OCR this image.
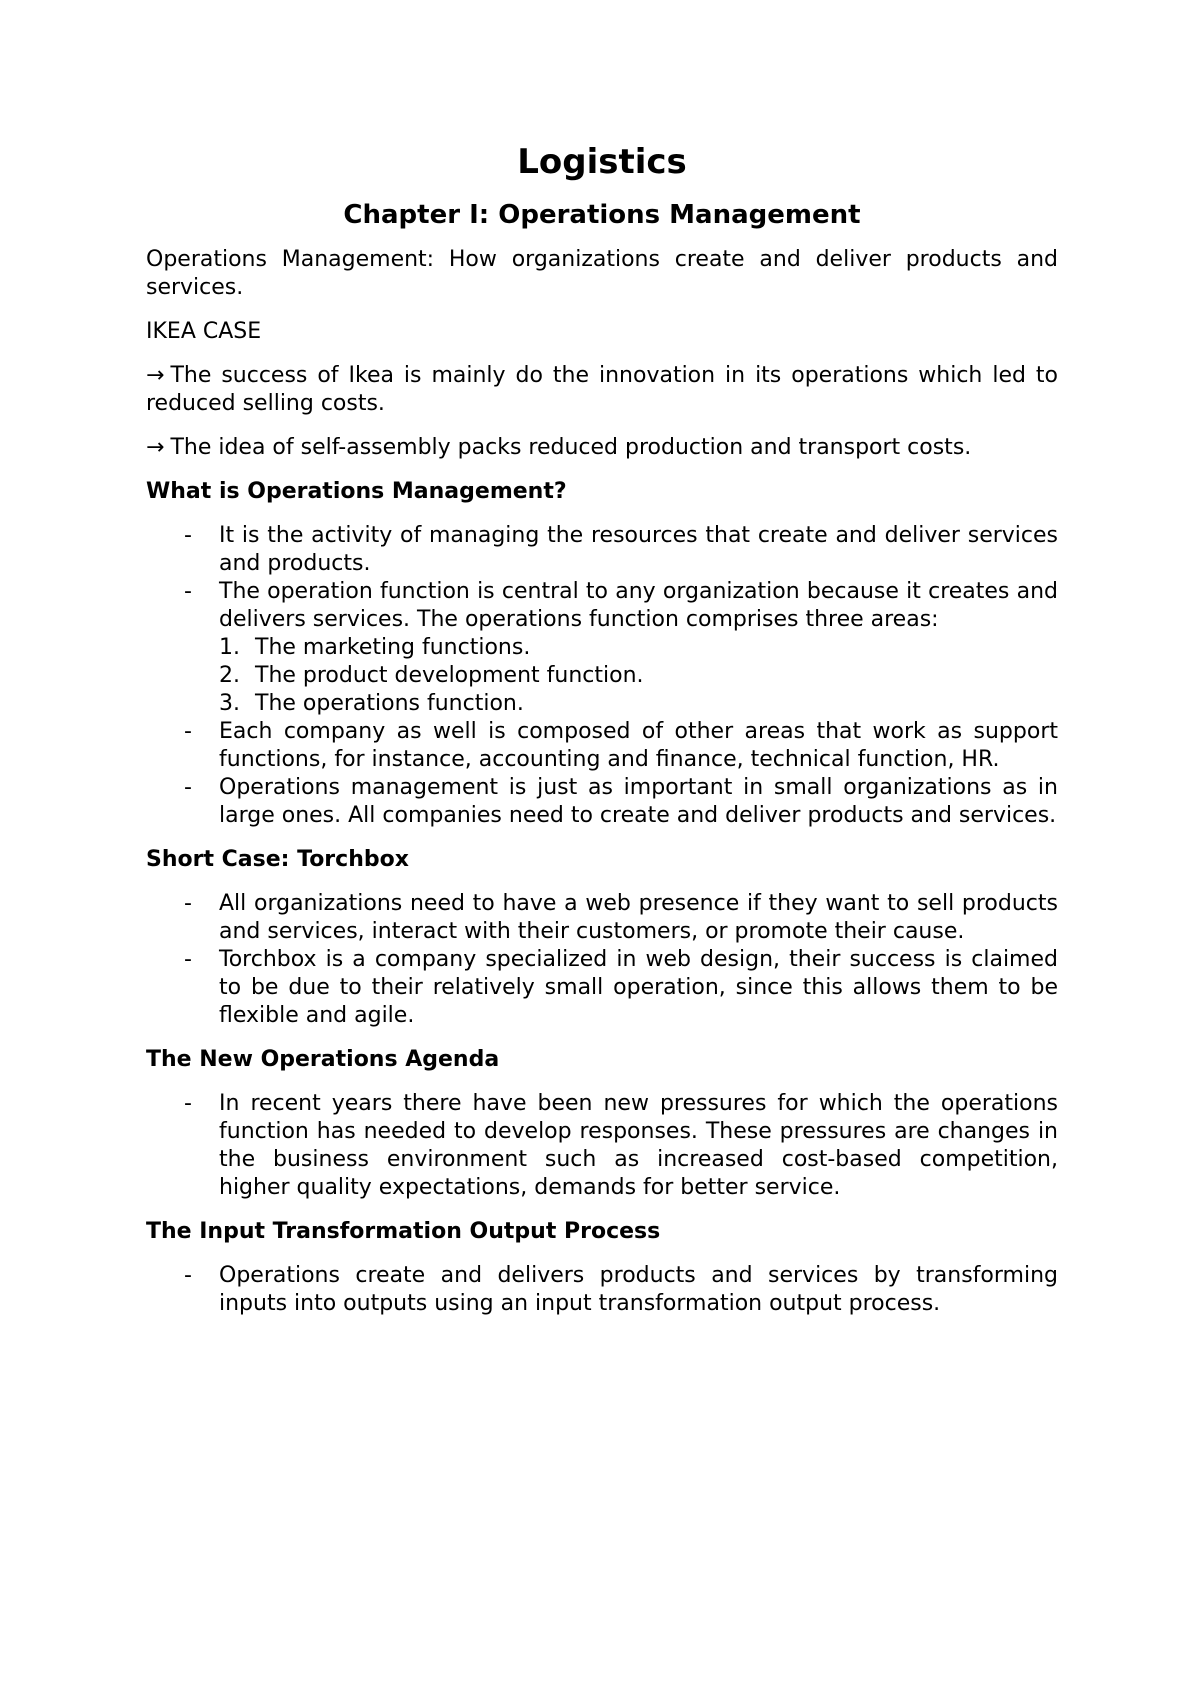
Logistics
Chapter I: Operations Management

Operations Management: How organizations create and deliver products and services.

IKEA CASE

→ The success of Ikea is mainly do the innovation in its operations which led to reduced selling costs.

→ The idea of self-assembly packs reduced production and transport costs.

What is Operations Management?
- It is the activity of managing the resources that create and deliver services and products.
- The operation function is central to any organization because it creates and delivers services. The operations function comprises three areas:
1. The marketing functions.
2. The product development function.
3. The operations function.
- Each company as well is composed of other areas that work as support functions, for instance, accounting and finance, technical function, HR.
- Operations management is just as important in small organizations as in large ones. All companies need to create and deliver products and services.
Short Case: Torchbox
- All organizations need to have a web presence if they want to sell products and services, interact with their customers, or promote their cause.
- Torchbox is a company specialized in web design, their success is claimed to be due to their relatively small operation, since this allows them to be flexible and agile.
The New Operations Agenda
- In recent years there have been new pressures for which the operations function has needed to develop responses. These pressures are changes in the business environment such as increased cost-based competition, higher quality expectations, demands for better service.
The Input Transformation Output Process
- Operations create and delivers products and services by transforming inputs into outputs using an input transformation output process.
